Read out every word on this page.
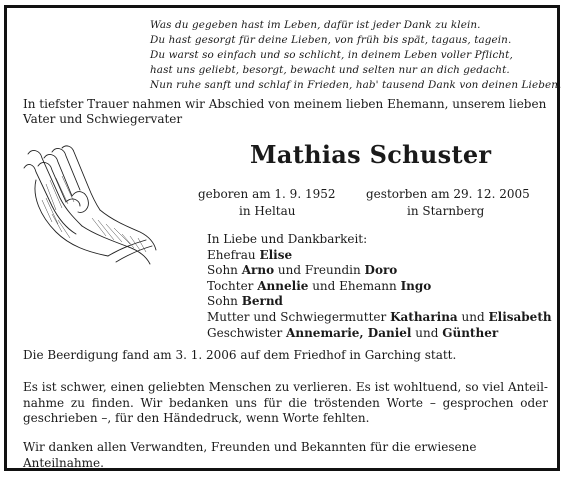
Was du gegeben hast im Leben, dafür ist jeder Dank zu klein.
Du hast gesorgt für deine Lieben, von früh bis spät, tagaus, tagein.
Du warst so einfach und so schlicht, in deinem Leben voller Pflicht,
hast uns geliebt, besorgt, bewacht und selten nur an dich gedacht.
Nun ruhe sanft und schlaf in Frieden, hab' tausend Dank von deinen Lieben.
In tiefster Trauer nahmen wir Abschied von meinem lieben Ehemann, unserem lieben
Vater und Schwiegervater
Mathias Schuster
geboren am 1. 9. 1952
in Heltau
gestorben am 29. 12. 2005
in Starnberg
In Liebe und Dankbarkeit:
Ehefrau Elise
Sohn Arno und Freundin Doro
Tochter Annelie und Ehemann Ingo
Sohn Bernd
Mutter und Schwiegermutter Katharina und Elisabeth
Geschwister Annemarie, Daniel und Günther
Die Beerdigung fand am 3. 1. 2006 auf dem Friedhof in Garching statt.
Es ist schwer, einen geliebten Menschen zu verlieren. Es ist wohltuend, so viel Anteil-
nahme zu finden. Wir bedanken uns für die tröstenden Worte – gesprochen oder
geschrieben –, für den Händedruck, wenn Worte fehlten.
Wir danken allen Verwandten, Freunden und Bekannten für die erwiesene Anteilnahme.
